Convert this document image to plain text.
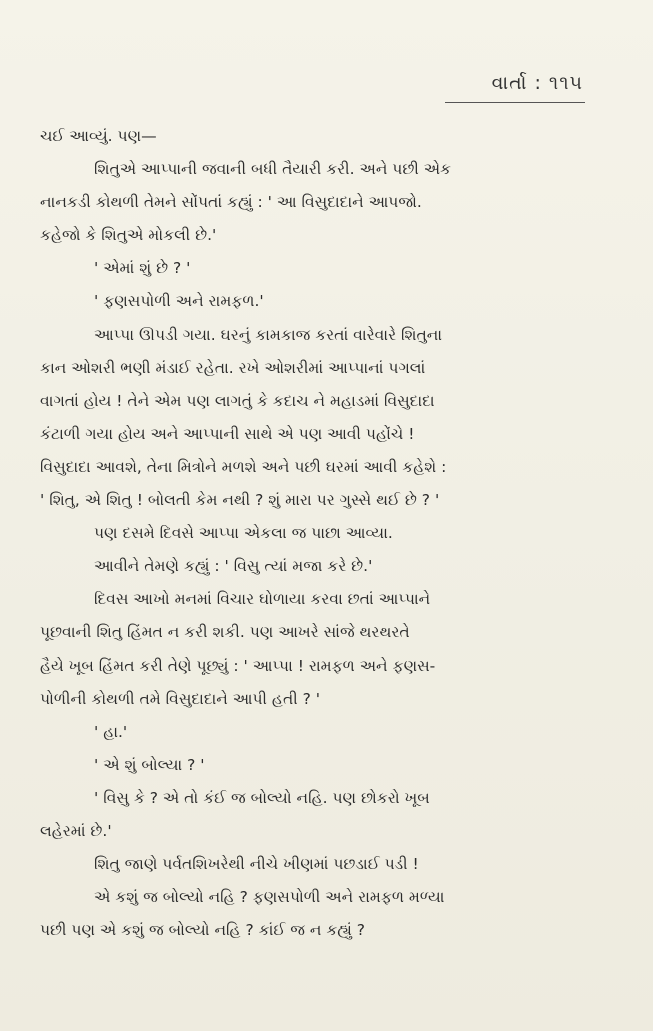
વાર્તા : ૧૧૫
ચઈ આવ્યું. પણ—
શિતુએ આપ્પાની જવાની બધી તૈયારી કરી. અને પછી એક
નાનકડી કોથળી તેમને સોંપતાં કહ્યું : ' આ વિસુદાદાને આપજો.
કહેજો કે શિતુએ મોકલી છે.'
' એમાં શું છે ? '
' ફણસપોળી અને રામફળ.'
આપ્પા ઊપડી ગયા. ઘરનું કામકાજ કરતાં વારેવારે શિતુના
કાન ઓશરી ભણી મંડાઈ રહેતા. રખે ઓશરીમાં આપ્પાનાં પગલાં
વાગતાં હોય ! તેને એમ પણ લાગતું કે કદાચ ને મહાડમાં વિસુદાદા
કંટાળી ગયા હોય અને આપ્પાની સાથે એ પણ આવી પહોંચે !
વિસુદાદા આવશે, તેના મિત્રોને મળશે અને પછી ઘરમાં આવી કહેશે :
' શિતુ, એ શિતુ ! બોલતી કેમ નથી ? શું મારા પર ગુસ્સે થઈ છે ? '
પણ દસમે દિવસે આપ્પા એકલા જ પાછા આવ્યા.
આવીને તેમણે કહ્યું : ' વિસુ ત્યાં મજા કરે છે.'
દિવસ આખો મનમાં વિચાર ઘોળાયા કરવા છતાં આપ્પાને
પૂછવાની શિતુ હિંમત ન કરી શકી. પણ આખરે સાંજે થરથરતે
હૈયે ખૂબ હિંમત કરી તેણે પૂછ્યું : ' આપ્પા ! રામફળ અને ફણસ-
પોળીની કોથળી તમે વિસુદાદાને આપી હતી ? '
' હા.'
' એ શું બોલ્યા ? '
' વિસુ કે ? એ તો કંઈ જ બોલ્યો નહિ. પણ છોકરો ખૂબ
લહેરમાં છે.'
શિતુ જાણે પર્વતશિખરેથી નીચે ખીણમાં પછડાઈ પડી !
એ કશું જ બોલ્યો નહિ ? ફણસપોળી અને રામફળ મળ્યા
પછી પણ એ કશું જ બોલ્યો નહિ ? કાંઈ જ ન કહ્યું ?
